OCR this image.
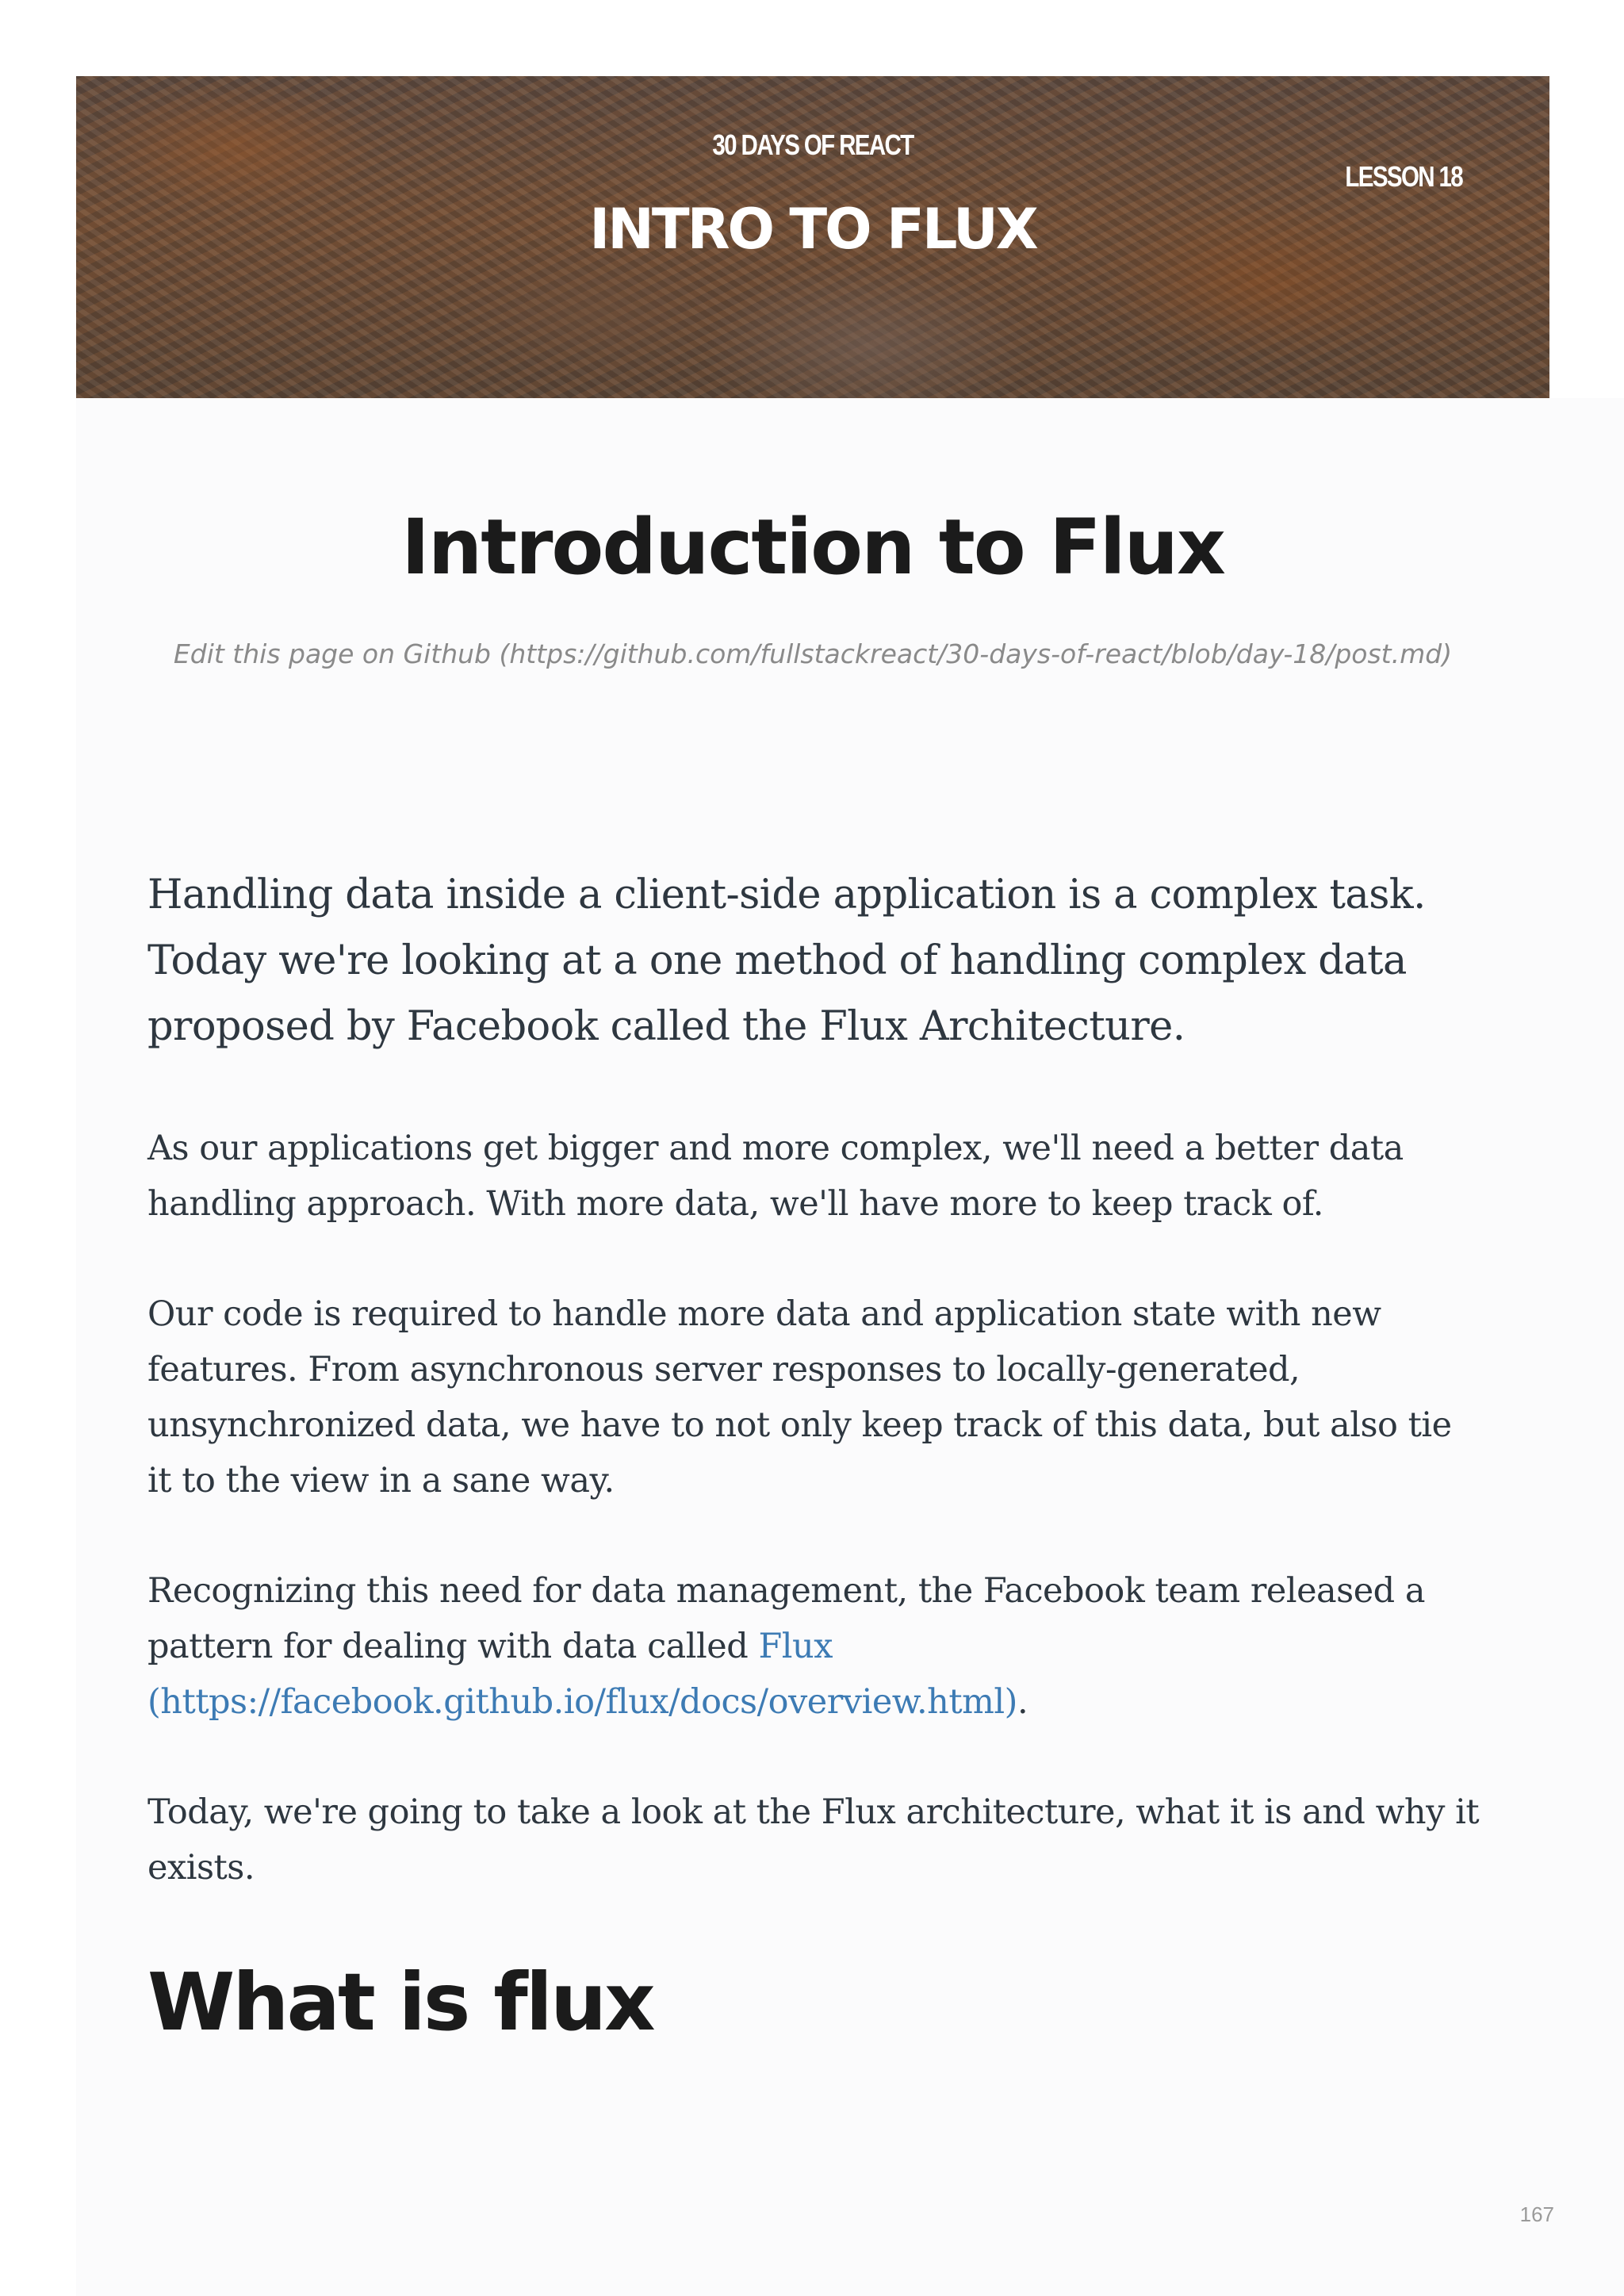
30 DAYS OF REACT
LESSON 18
INTRO TO FLUX
Introduction to Flux

Edit this page on Github (https://github.com/fullstackreact/30-days-of-react/blob/day-18/post.md)

Handling data inside a client-side application is a complex task. Today we're looking at a one method of handling complex data proposed by Facebook called the Flux Architecture.

As our applications get bigger and more complex, we'll need a better data handling approach. With more data, we'll have more to keep track of.

Our code is required to handle more data and application state with new features. From asynchronous server responses to locally-generated, unsynchronized data, we have to not only keep track of this data, but also tie it to the view in a sane way.

Recognizing this need for data management, the Facebook team released a pattern for dealing with data called Flux (https://facebook.github.io/flux/docs/overview.html).

Today, we're going to take a look at the Flux architecture, what it is and why it exists.

What is flux
167
